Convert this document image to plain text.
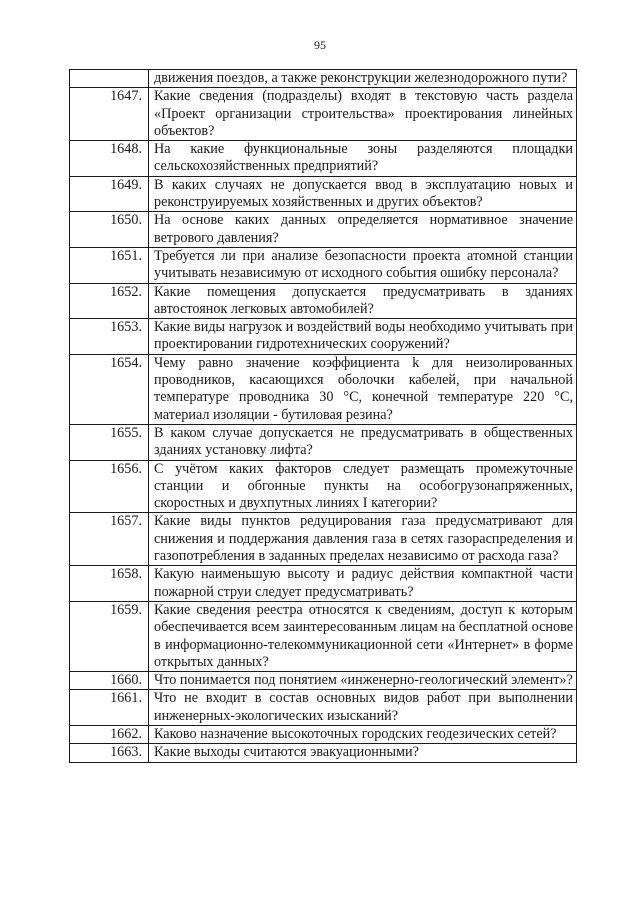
95
	движения поездов, а также реконструкции железнодорожного пути?
1647.	Какие сведения (подразделы) входят в текстовую часть раздела «Проект организации строительства» проектирования линейных объектов?
1648.	На какие функциональные зоны разделяются площадки сельскохозяйственных предприятий?
1649.	В каких случаях не допускается ввод в эксплуатацию новых и реконструируемых хозяйственных и других объектов?
1650.	На основе каких данных определяется нормативное значение ветрового давления?
1651.	Требуется ли при анализе безопасности проекта атомной станции учитывать независимую от исходного события ошибку персонала?
1652.	Какие помещения допускается предусматривать в зданиях автостоянок легковых автомобилей?
1653.	Какие виды нагрузок и воздействий воды необходимо учитывать при проектировании гидротехнических сооружений?
1654.	Чему равно значение коэффициента k для неизолированных проводников, касающихся оболочки кабелей, при начальной температуре проводника 30 °С, конечной температуре 220 °С, материал изоляции - бутиловая резина?
1655.	В каком случае допускается не предусматривать в общественных зданиях установку лифта?
1656.	С учётом каких факторов следует размещать промежуточные станции и обгонные пункты на особогрузонапряженных, скоростных и двухпутных линиях I категории?
1657.	Какие виды пунктов редуцирования газа предусматривают для снижения и поддержания давления газа в сетях газораспределения и газопотребления в заданных пределах независимо от расхода газа?
1658.	Какую наименьшую высоту и радиус действия компактной части пожарной струи следует предусматривать?
1659.	Какие сведения реестра относятся к сведениям, доступ к которым обеспечивается всем заинтересованным лицам на бесплатной основе в информационно-телекоммуникационной сети «Интернет» в форме открытых данных?
1660.	Что понимается под понятием «инженерно-геологический элемент»?
1661.	Что не входит в состав основных видов работ при выполнении инженерных-экологических изысканий?
1662.	Каково назначение высокоточных городских геодезических сетей?
1663.	Какие выходы считаются эвакуационными?
